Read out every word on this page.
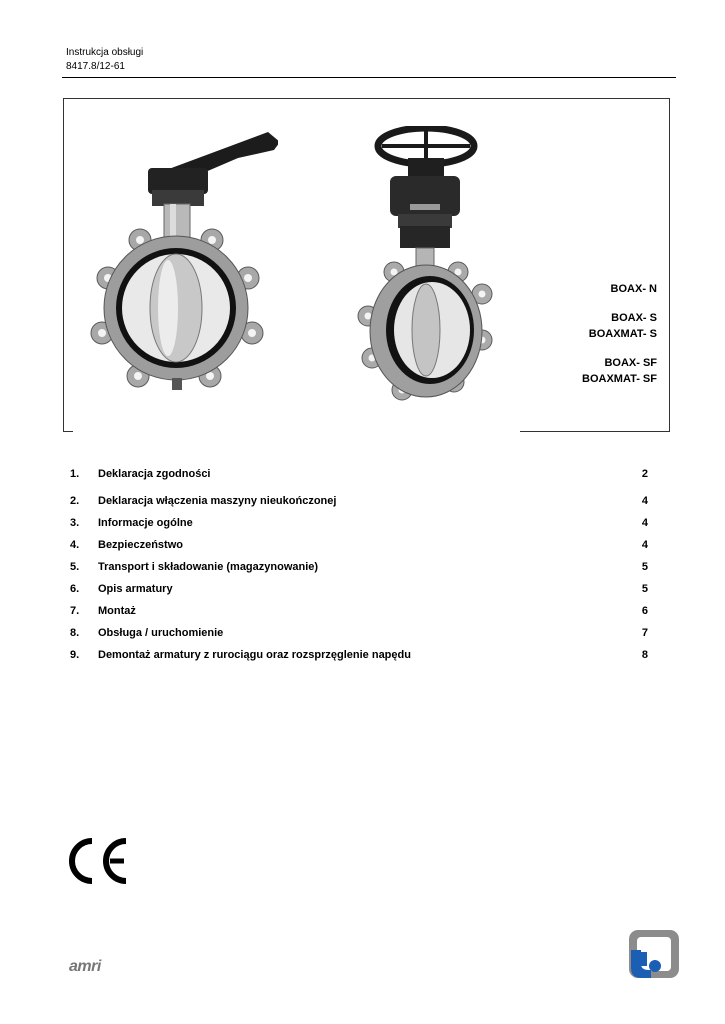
Instrukcja obsługi
8417.8/12-61
BOAX- N
BOAX- S
BOAXMAT- S
BOAX- SF
BOAXMAT- SF
1. Deklaracja zgodności	2
2. Deklaracja włączenia maszyny nieukończonej	4
3. Informacje ogólne	4
4. Bezpieczeństwo	4
5. Transport i składowanie (magazynowanie)	5
6. Opis armatury	5
7. Montaż	6
8. Obsługa / uruchomienie	7
9. Demontaż armatury z rurociągu oraz rozsprzęglenie napędu	8
amri
